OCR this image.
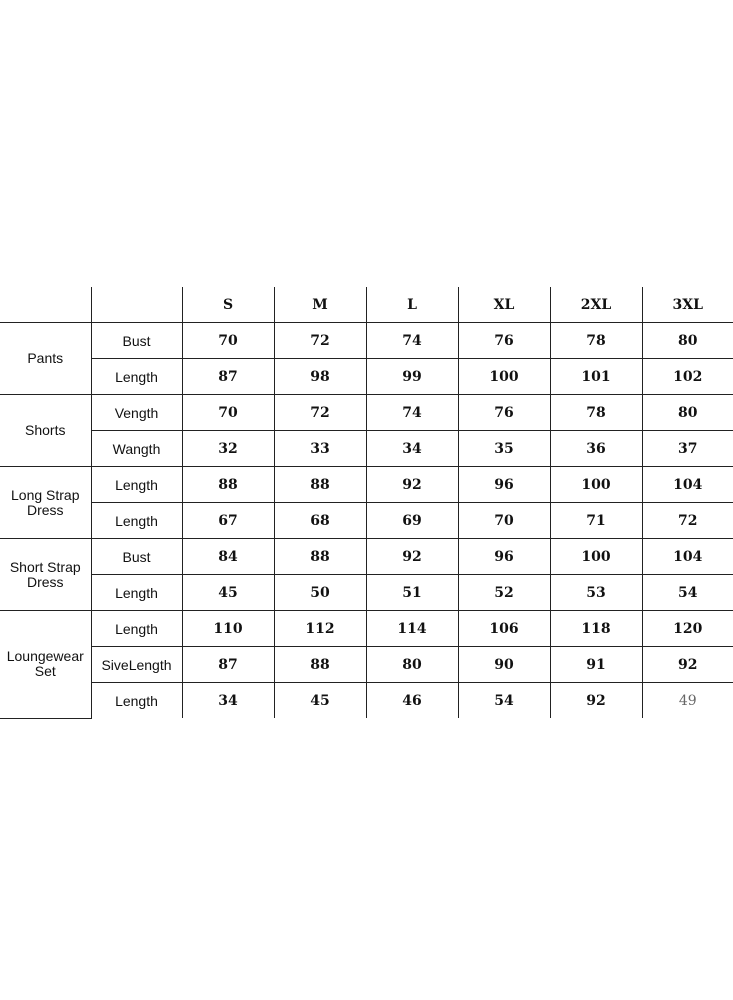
		S	M	L	XL	2XL	3XL
Pants	Bust	70	72	74	76	78	80
	Length	87	98	99	100	101	102
Shorts	Vength	70	72	74	76	78	80
	Wangth	32	33	34	35	36	37
Long Strap Dress	Length	88	88	92	96	100	104
	Length	67	68	69	70	71	72
Short Strap Dress	Bust	84	88	92	96	100	104
	Length	45	50	51	52	53	54
Loungewear Set	Length	110	112	114	106	118	120
	SiveLength	87	88	80	90	91	92
	Length	34	45	46	54	92	49
